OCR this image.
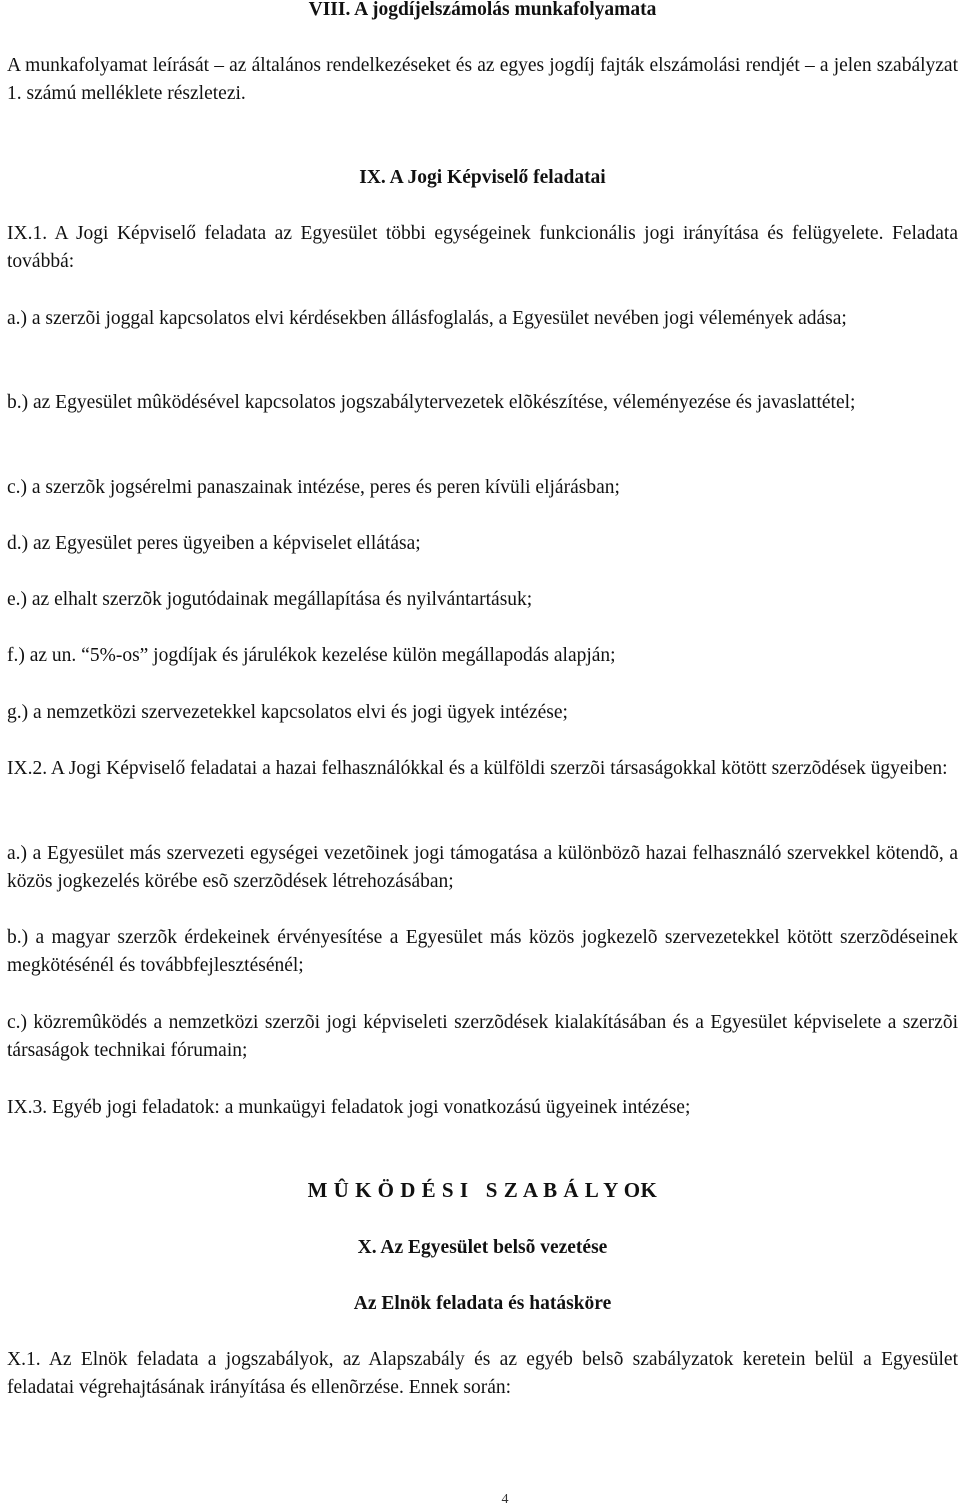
VIII. A jogdíjelszámolás munkafolyamata

A munkafolyamat leírását – az általános rendelkezéseket és az egyes jogdíj fajták elszámolási rendjét – a jelen szabályzat 1. számú melléklete részletezi.

IX. A Jogi Képviselő feladatai

IX.1. A Jogi Képviselő feladata az Egyesület többi egységeinek funkcionális jogi irányítása és felügyelete. Feladata továbbá:

a.) a szerzõi joggal kapcsolatos elvi kérdésekben állásfoglalás, a Egyesület nevében jogi vélemények adása;

b.) az Egyesület mûködésével kapcsolatos jogszabálytervezetek elõkészítése, véleményezése és javaslattétel;

c.) a szerzõk jogsérelmi panaszainak intézése, peres és peren kívüli eljárásban;

d.) az Egyesület peres ügyeiben a képviselet ellátása;

e.) az elhalt szerzõk jogutódainak megállapítása és nyilvántartásuk;

f.) az un. “5%-os” jogdíjak és járulékok kezelése külön megállapodás alapján;

g.) a nemzetközi szervezetekkel kapcsolatos elvi és jogi ügyek intézése;

IX.2. A Jogi Képviselő feladatai a hazai felhasználókkal és a külföldi szerzõi társaságokkal kötött szerzõdések ügyeiben:

a.) a Egyesület más szervezeti egységei vezetõinek jogi támogatása a különbözõ hazai felhasználó szervekkel kötendõ, a közös jogkezelés körébe esõ szerzõdések létrehozásában;

b.) a magyar szerzõk érdekeinek érvényesítése a Egyesület más közös jogkezelõ szervezetekkel kötött szerzõdéseinek megkötésénél és továbbfejlesztésénél;

c.) közremûködés a nemzetközi szerzõi jogi képviseleti szerzõdések kialakításában és a Egyesület képviselete a szerzõi társaságok technikai fórumain;

IX.3. Egyéb jogi feladatok: a munkaügyi feladatok jogi vonatkozású ügyeinek intézése;

M Û K Ö D É S I   S Z A B Á L Y OK

X. Az Egyesület belsõ vezetése

Az Elnök feladata és hatásköre

X.1. Az Elnök feladata a jogszabályok, az Alapszabály és az egyéb belsõ szabályzatok keretein belül a Egyesület feladatai végrehajtásának irányítása és ellenõrzése. Ennek során:

4
